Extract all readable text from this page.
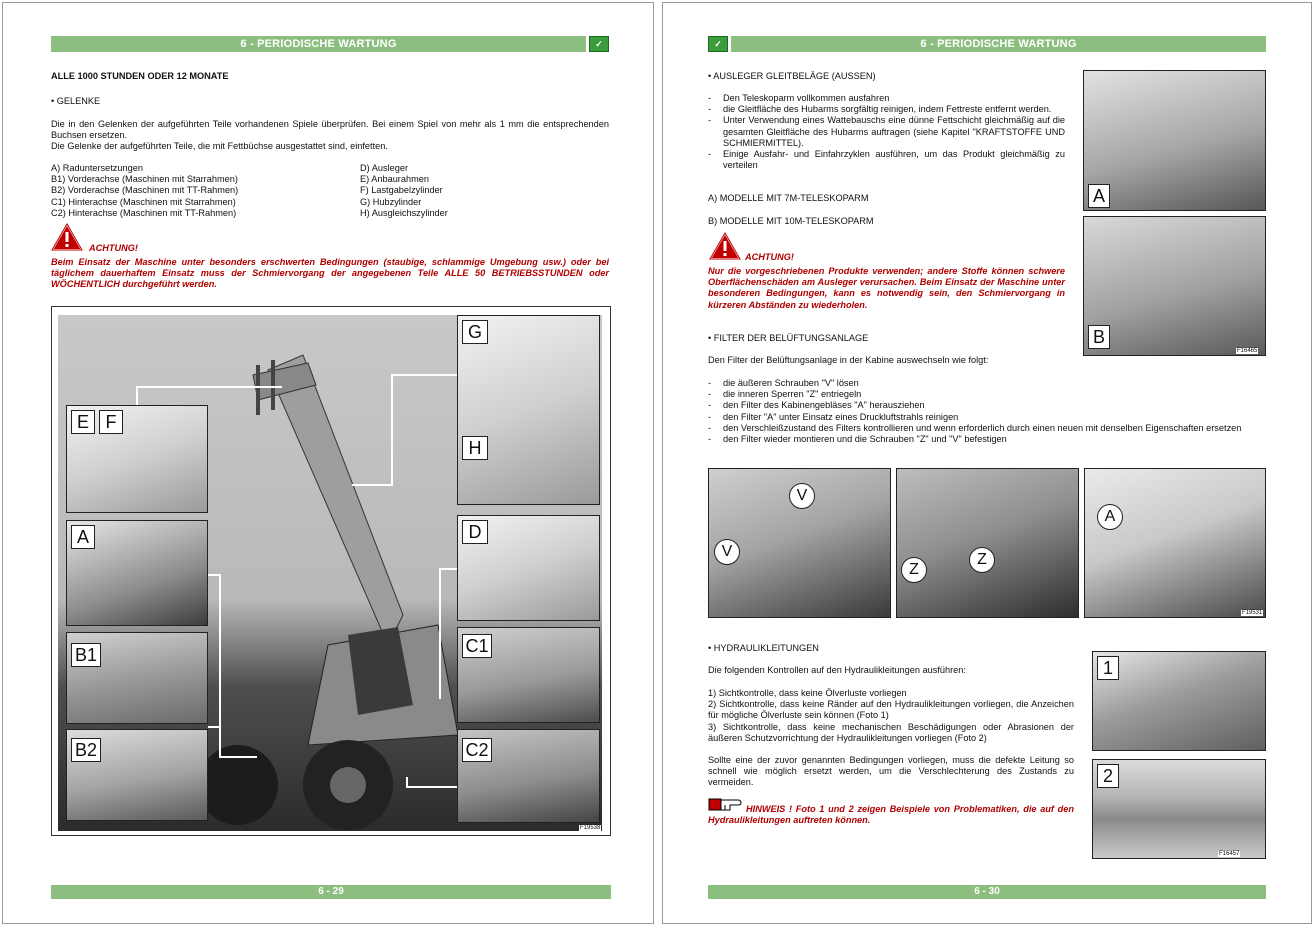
6 - PERIODISCHE WARTUNG	✓
ALLE 1000 STUNDEN ODER 12 MONATE
• GELENKE
Die in den Gelenken der aufgeführten Teile vorhandenen Spiele überprüfen. Bei einem Spiel von mehr als 1 mm die entsprechenden Buchsen ersetzen.
Die Gelenke der aufgeführten Teile, die mit Fettbüchse ausgestattet sind, einfetten.
A) Raduntersetzungen
B1) Vorderachse (Maschinen mit Starrahmen)
B2) Vorderachse (Maschinen mit TT-Rahmen)
C1) Hinterachse (Maschinen mit Starrahmen)
C2) Hinterachse (Maschinen mit TT-Rahmen)
D) Ausleger
E) Anbaurahmen
F) Lastgabelzylinder
G) Hubzylinder
H) Ausgleichszylinder
ACHTUNG!
Beim Einsatz der Maschine unter besonders erschwerten Bedingungen (staubige, schlammige Umgebung usw.) oder bei täglichem dauerhaftem Einsatz muss der Schmiervorgang der angegebenen Teile ALLE 50 BETRIEBSSTUNDEN oder WÖCHENTLICH durchgeführt werden.
E F
A
B1
B2
G
H
D
C1
C2
F19538
6 - 29
✓	6 - PERIODISCHE WARTUNG
• AUSLEGER GLEITBELÄGE (AUSSEN)
- Den Teleskoparm vollkommen ausfahren
- die Gleitfläche des Hubarms sorgfältig reinigen, indem Fettreste entfernt werden.
- Unter Verwendung eines Wattebauschs eine dünne Fettschicht gleichmäßig auf die gesamten Gleitfläche des Hubarms auftragen (siehe Kapitel "KRAFTSTOFFE UND SCHMIERMITTEL).
- Einige Ausfahr- und Einfahrzyklen ausführen, um das Produkt gleichmäßig zu verteilen
A) MODELLE MIT 7M-TELESKOPARM
B) MODELLE MIT 10M-TELESKOPARM
ACHTUNG!
Nur die vorgeschriebenen Produkte verwenden; andere Stoffe können schwere Oberflächenschäden am Ausleger verursachen. Beim Einsatz der Maschine unter besonderen Bedingungen, kann es notwendig sein, den Schmiervorgang in kürzeren Abständen zu wiederholen.
A
B
F16465
• FILTER DER BELÜFTUNGSANLAGE
Den Filter der Belüftungsanlage in der Kabine auswechseln wie folgt:
- die äußeren Schrauben "V" lösen
- die inneren Sperren "Z" entriegeln
- den Filter des Kabinengebläses "A" herausziehen
- den Filter "A" unter Einsatz eines Druckluftstrahls reinigen
- den Verschleißzustand des Filters kontrollieren und wenn erforderlich durch einen neuen mit denselben Eigenschaften ersetzen
- den Filter wieder montieren und die Schrauben "Z" und "V" befestigen
V
V
Z
Z
A
F19531
• HYDRAULIKLEITUNGEN
Die folgenden Kontrollen auf den Hydraulikleitungen ausführen:
1) Sichtkontrolle, dass keine Ölverluste vorliegen
2) Sichtkontrolle, dass keine Ränder auf den Hydraulikleitungen vorliegen, die Anzeichen für mögliche Ölverluste sein können (Foto 1)
3) Sichtkontrolle, dass keine mechanischen Beschädigungen oder Abrasionen der äußeren Schutzvorrichtung der Hydraulikleitungen vorliegen (Foto 2)
Sollte eine der zuvor genannten Bedingungen vorliegen, muss die defekte Leitung so schnell wie möglich ersetzt werden, um die Verschlechterung des Zustands zu vermeiden.
HINWEIS ! Foto 1 und 2 zeigen Beispiele von Problematiken, die auf den Hydraulikleitungen auftreten können.
1
2
F16457
6 - 30
